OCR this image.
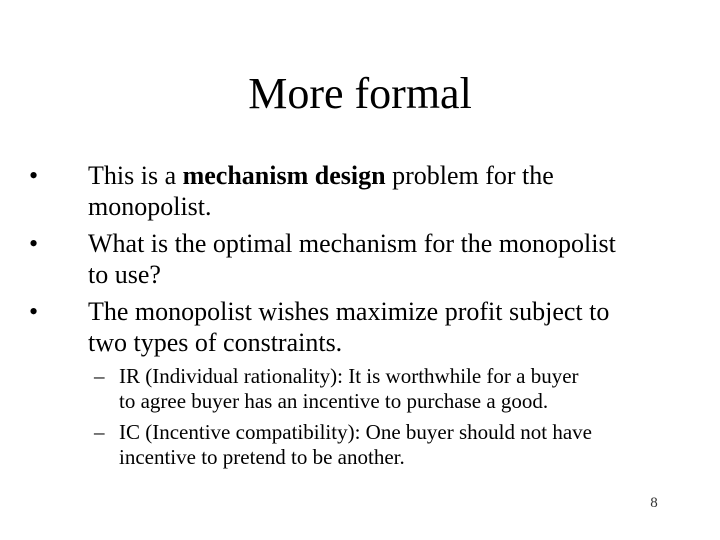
More formal
• This is a mechanism design problem for the
monopolist.
• What is the optimal mechanism for the monopolist
to use?
• The monopolist wishes maximize profit subject to
two types of constraints.
– IR (Individual rationality): It is worthwhile for a buyer
to agree buyer has an incentive to purchase a good.
– IC (Incentive compatibility): One buyer should not have
incentive to pretend to be another.
8
